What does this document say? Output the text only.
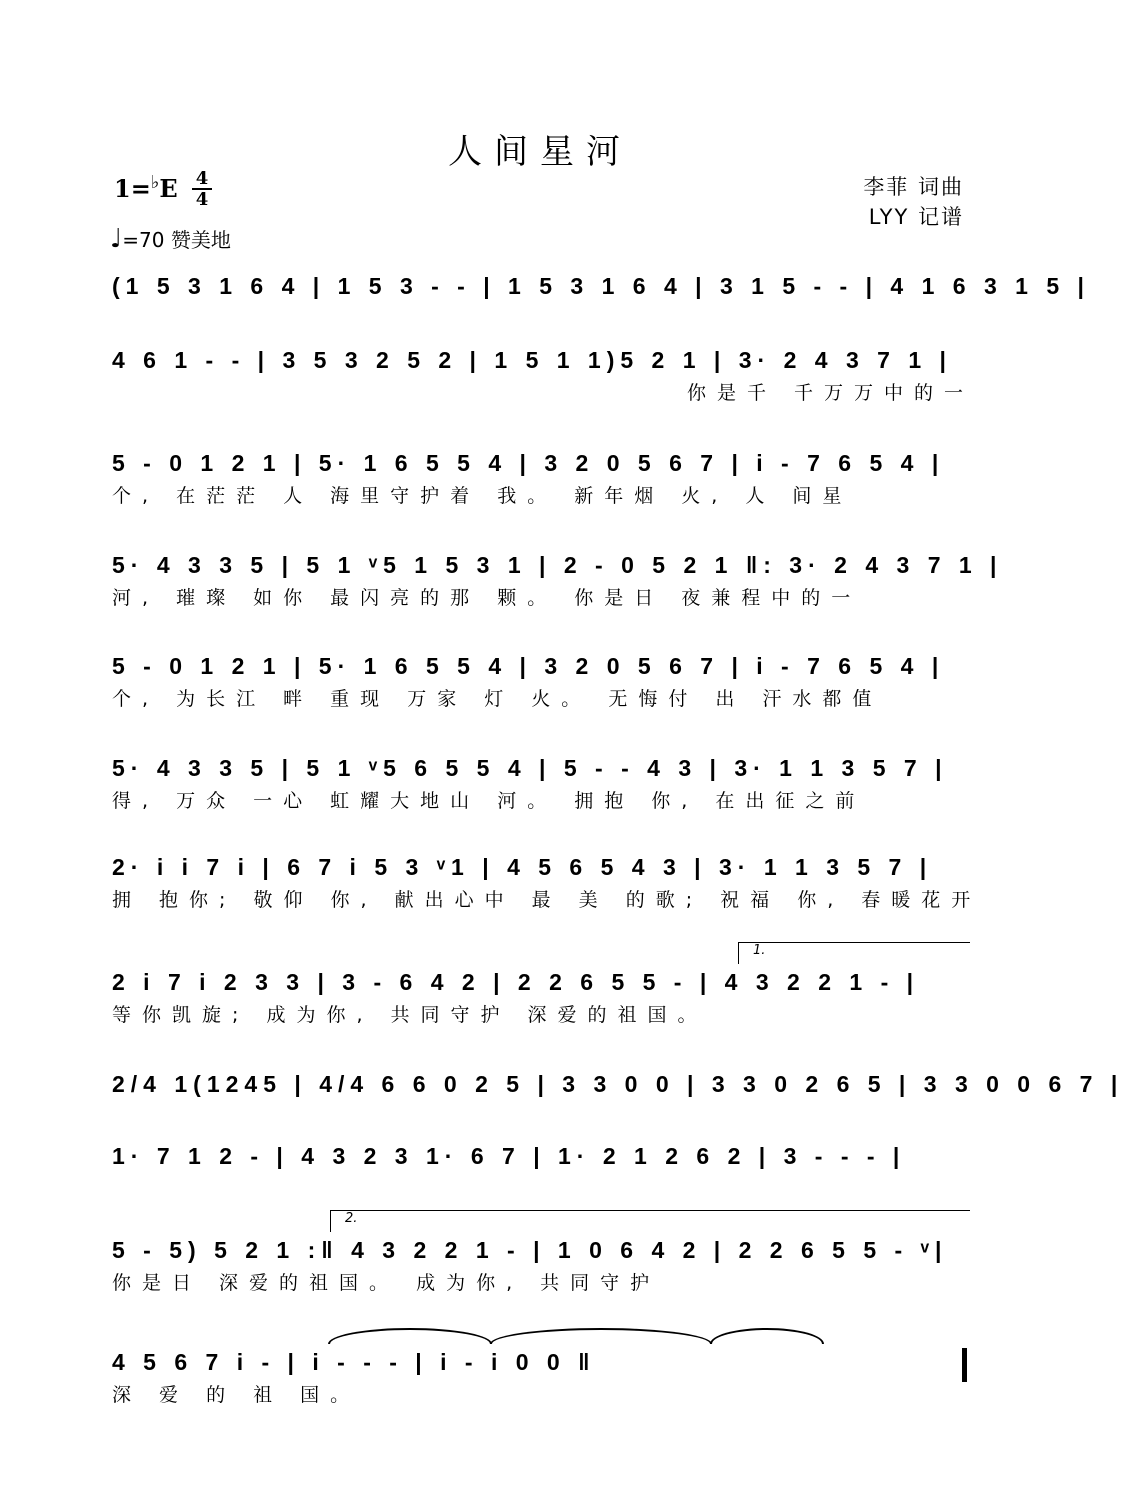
人间星河
1=♭E 4
4
♩=70 赞美地
李菲 词曲
LYY 记谱
(1 5 3 1 6 4 | 1 5 3 - - | 1 5 3 1 6 4 | 3 1 5 - - | 4 1 6 3 1 5 |
4 6 1 - - | 3 5 3 2 5 2 | 1 5 1 1)5 2 1 | 3· 2 4 3 7 1 |
你是千 千万万中的一
5 - 0 1 2 1 | 5· 1 6 5 5 4 | 3 2 0 5 6 7 | i - 7 6 5 4 |
个, 在茫茫 人 海里守护着 我。 新年烟 火, 人 间星
5· 4 3 3 5 | 5 1 ᵛ5 1 5 3 1 | 2 - 0 5 2 1 ‖: 3· 2 4 3 7 1 |
河, 璀璨 如你 最闪亮的那 颗。 你是日 夜兼程中的一
5 - 0 1 2 1 | 5· 1 6 5 5 4 | 3 2 0 5 6 7 | i - 7 6 5 4 |
个, 为长江 畔 重现 万家 灯 火。 无悔付 出 汗水都值
5· 4 3 3 5 | 5 1 ᵛ5 6 5 5 4 | 5 - - 4 3 | 3· 1 1 3 5 7 |
得, 万众 一心 虹耀大地山 河。 拥抱 你, 在出征之前
2· i i 7 i | 6 7 i 5 3 ᵛ1 | 4 5 6 5 4 3 | 3· 1 1 3 5 7 |
拥 抱你; 敬仰 你, 献出心中 最 美 的歌; 祝福 你, 春暖花开
1.
2 i 7 i 2 3 3 | 3 - 6 4 2 | 2 2 6 5 5 - | 4 3 2 2 1 - |
等你凯旋; 成为你, 共同守护 深爱的祖国。
2/4 1(1245 | 4/4 6 6 0 2 5 | 3 3 0 0 | 3 3 0 2 6 5 | 3 3 0 0 6 7 |
1· 7 1 2 - | 4 3 2 3 1· 6 7 | 1· 2 1 2 6 2 | 3 - - - |
2.
5 - 5) 5 2 1 :‖ 4 3 2 2 1 - | 1 0 6 4 2 | 2 2 6 5 5 - ᵛ|
你是日 深爱的祖国。 成为你, 共同守护
4 5 6 7 i - | i - - - | i - i 0 0 ‖
深 爱 的 祖 国。
